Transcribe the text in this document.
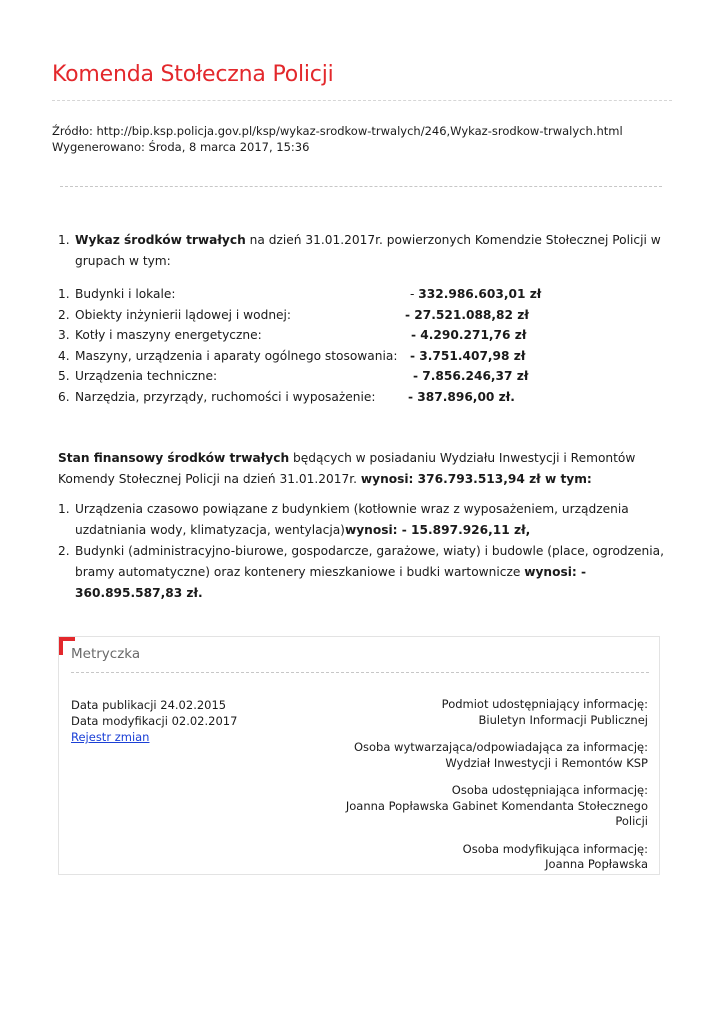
Komenda Stołeczna Policji
Źródło: http://bip.ksp.policja.gov.pl/ksp/wykaz-srodkow-trwalych/246,Wykaz-srodkow-trwalych.html
Wygenerowano: Środa, 8 marca 2017, 15:36
1. Wykaz środków trwałych na dzień 31.01.2017r. powierzonych Komendzie Stołecznej Policji w grupach w tym:
1. Budynki i lokale:	- 332.986.603,01 zł
2. Obiekty inżynierii lądowej i wodnej:	- 27.521.088,82 zł
3. Kotły i maszyny energetyczne:	- 4.290.271,76 zł
4. Maszyny, urządzenia i aparaty ogólnego stosowania: - 3.751.407,98 zł
5. Urządzenia techniczne:	- 7.856.246,37 zł
6. Narzędzia, przyrządy, ruchomości i wyposażenie:	- 387.896,00 zł.

Stan finansowy środków trwałych będących w posiadaniu Wydziału Inwestycji i Remontów Komendy Stołecznej Policji na dzień 31.01.2017r. wynosi: 376.793.513,94 zł w tym:

1. Urządzenia czasowo powiązane z budynkiem (kotłownie wraz z wyposażeniem, urządzenia uzdatniania wody, klimatyzacja, wentylacja)wynosi: - 15.897.926,11 zł,
2. Budynki (administracyjno-biurowe, gospodarcze, garażowe, wiaty) i budowle (place, ogrodzenia, bramy automatyczne) oraz kontenery mieszkaniowe i budki wartownicze wynosi: - 360.895.587,83 zł.
Metryczka
Data publikacji 24.02.2015
Data modyfikacji 02.02.2017
Rejestr zmian
Podmiot udostępniający informację:
Biuletyn Informacji Publicznej
Osoba wytwarzająca/odpowiadająca za informację:
Wydział Inwestycji i Remontów KSP
Osoba udostępniająca informację:
Joanna Popławska Gabinet Komendanta Stołecznego Policji
Osoba modyfikująca informację:
Joanna Popławska
